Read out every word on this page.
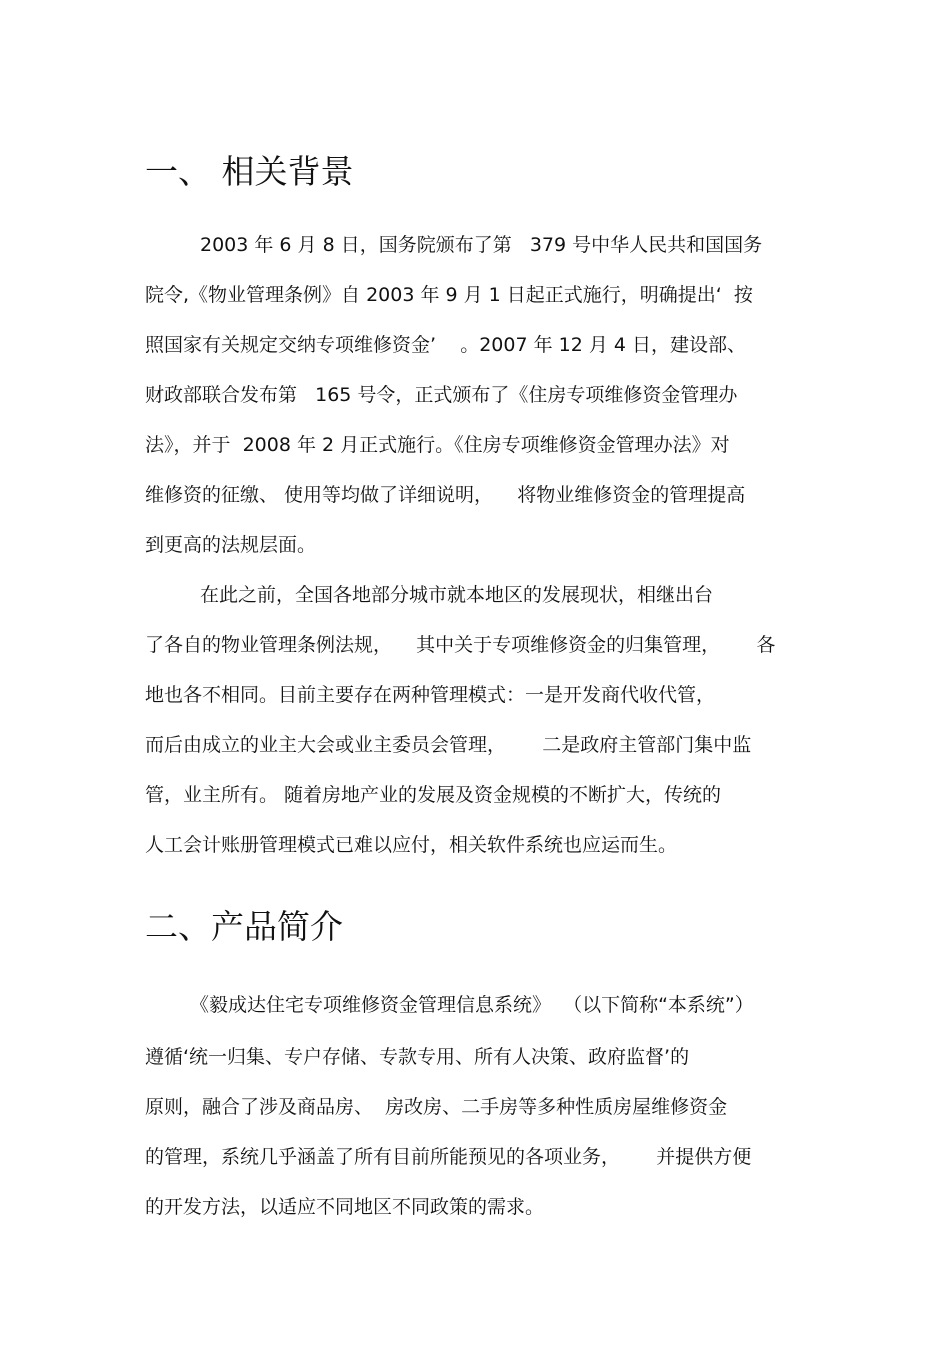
一、 相关背景

2003 年 6 月 8 日，国务院颁布了第   379 号中华人民共和国国务

院令,《物业管理条例》自 2003 年 9 月 1 日起正式施行，明确提出‘  按

照国家有关规定交纳专项维修资金’    。2007 年 12 月 4 日，建设部、

财政部联合发布第   165 号令，正式颁布了《住房专项维修资金管理办

法》，并于  2008 年 2 月正式施行。《住房专项维修资金管理办法》对

维修资的征缴、 使用等均做了详细说明，    将物业维修资金的管理提高

到更高的法规层面。

在此之前，全国各地部分城市就本地区的发展现状，相继出台

了各自的物业管理条例法规，    其中关于专项维修资金的归集管理，      各

地也各不相同。目前主要存在两种管理模式：一是开发商代收代管，

而后由成立的业主大会或业主委员会管理，      二是政府主管部门集中监

管，业主所有。 随着房地产业的发展及资金规模的不断扩大，传统的

人工会计账册管理模式已难以应付，相关软件系统也应运而生。

二、产品简介

《毅成达住宅专项维修资金管理信息系统》  （以下简称“本系统”）

遵循‘统一归集、专户存储、专款专用、所有人决策、政府监督’的

原则，融合了涉及商品房、  房改房、二手房等多种性质房屋维修资金

的管理，系统几乎涵盖了所有目前所能预见的各项业务，      并提供方便

的开发方法，以适应不同地区不同政策的需求。
